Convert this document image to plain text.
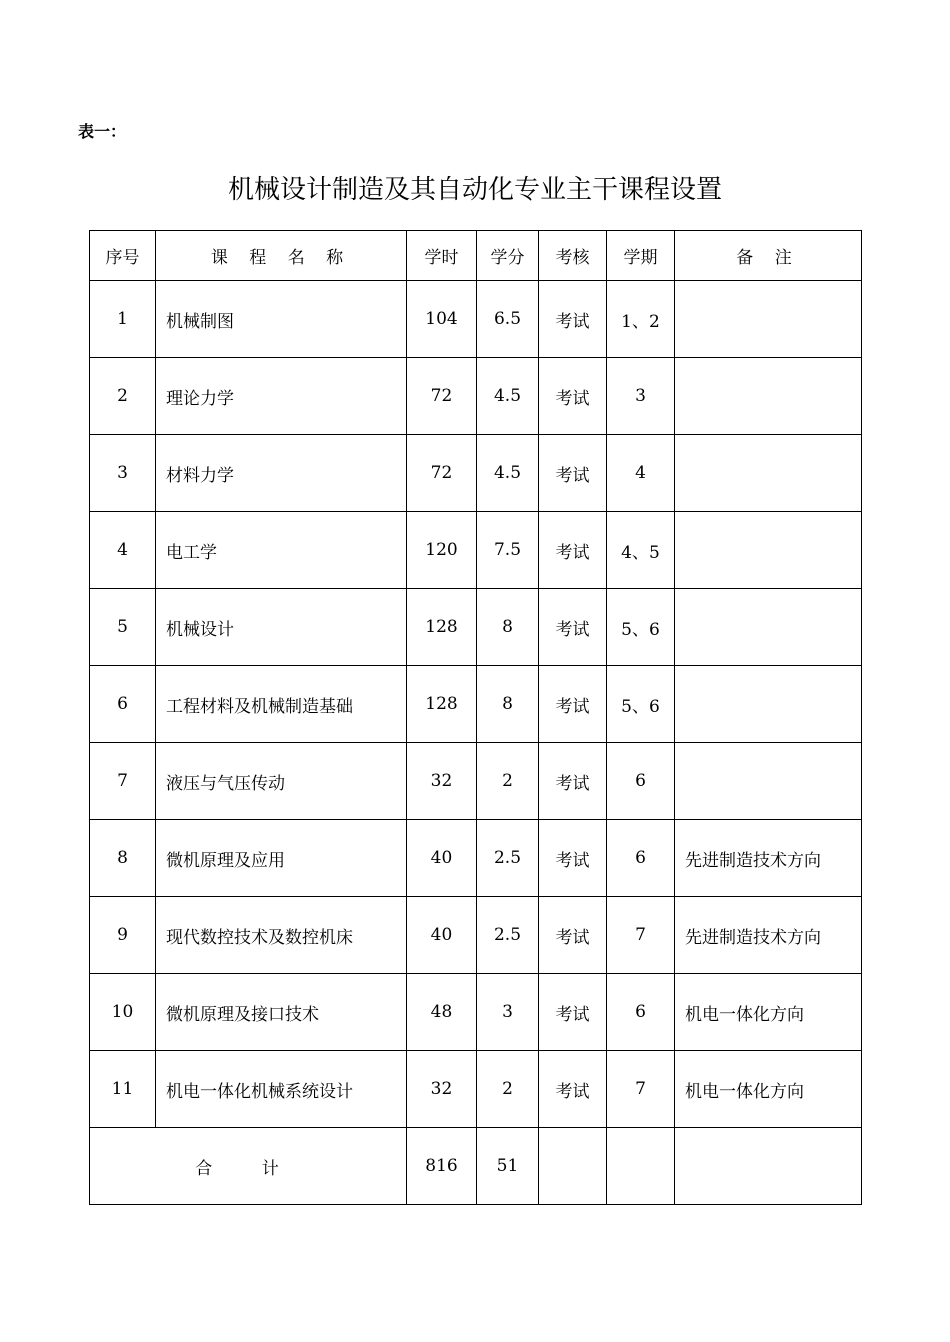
表一：
机械设计制造及其自动化专业主干课程设置
序号	课 程 名 称	学时	学分	考核	学期	备 注
1	机械制图	104	6.5	考试	1、2	
2	理论力学	72	4.5	考试	3	
3	材料力学	72	4.5	考试	4	
4	电工学	120	7.5	考试	4、5	
5	机械设计	128	8	考试	5、6	
6	工程材料及机械制造基础	128	8	考试	5、6	
7	液压与气压传动	32	2	考试	6	
8	微机原理及应用	40	2.5	考试	6	先进制造技术方向
9	现代数控技术及数控机床	40	2.5	考试	7	先进制造技术方向
10	微机原理及接口技术	48	3	考试	6	机电一体化方向
11	机电一体化机械系统设计	32	2	考试	7	机电一体化方向
合 计		816	51			
